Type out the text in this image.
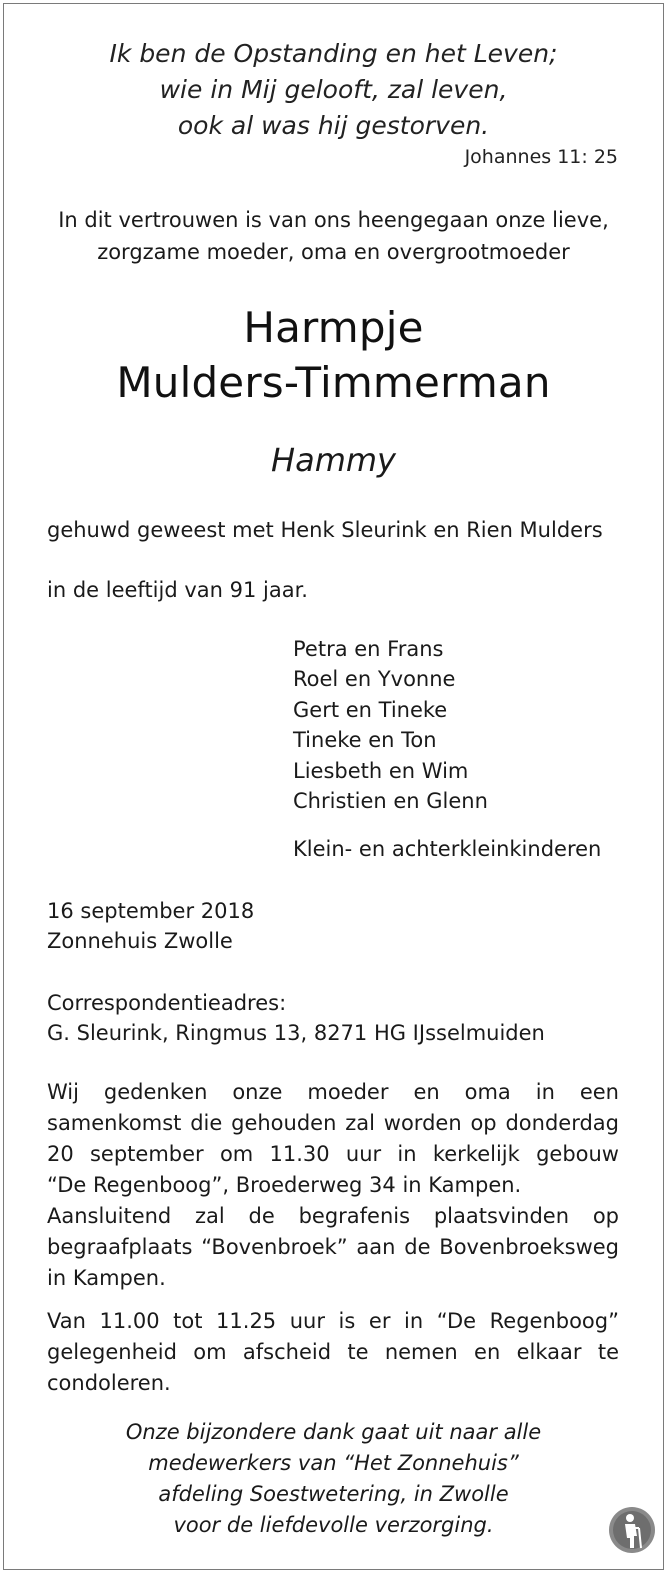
Ik ben de Opstanding en het Leven;
wie in Mij gelooft, zal leven,
ook al was hij gestorven.
Johannes 11: 25
In dit vertrouwen is van ons heengegaan onze lieve,
zorgzame moeder, oma en overgrootmoeder
Harmpje
Mulders-Timmerman
Hammy
gehuwd geweest met Henk Sleurink en Rien Mulders
in de leeftijd van 91 jaar.
Petra en Frans
Roel en Yvonne
Gert en Tineke
Tineke en Ton
Liesbeth en Wim
Christien en Glenn
Klein- en achterkleinkinderen
16 september 2018
Zonnehuis Zwolle
Correspondentieadres:
G. Sleurink, Ringmus 13, 8271 HG IJsselmuiden
Wij gedenken onze moeder en oma in een
samenkomst die gehouden zal worden op donderdag
20 september om 11.30 uur in kerkelijk gebouw
“De Regenboog”, Broederweg 34 in Kampen.
Aansluitend zal de begrafenis plaatsvinden op
begraafplaats “Bovenbroek” aan de Bovenbroeksweg
in Kampen.
Van 11.00 tot 11.25 uur is er in “De Regenboog”
gelegenheid om afscheid te nemen en elkaar te
condoleren.
Onze bijzondere dank gaat uit naar alle
medewerkers van “Het Zonnehuis”
afdeling Soestwetering, in Zwolle
voor de liefdevolle verzorging.
